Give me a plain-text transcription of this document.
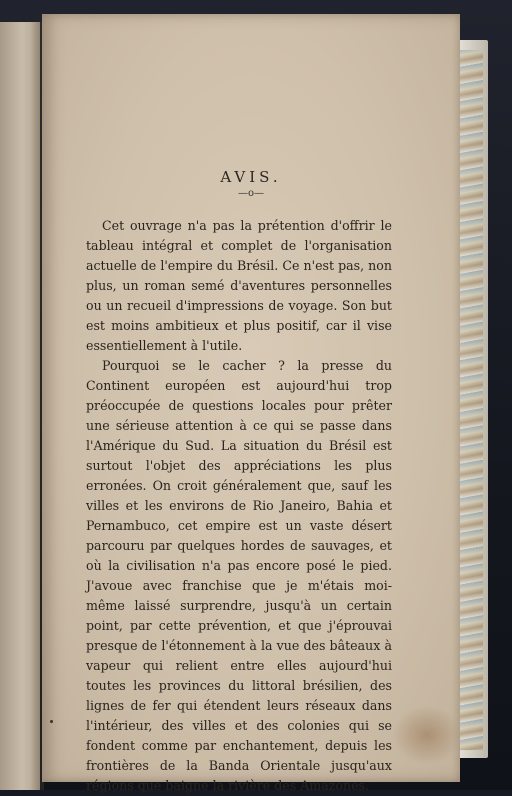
AVIS.
—o—

Cet ouvrage n'a pas la prétention d'offrir le tableau intégral et complet de l'organisation actuelle de l'empire du Brésil. Ce n'est pas, non plus, un roman semé d'aventures personnelles ou un recueil d'impressions de voyage. Son but est moins ambitieux et plus positif, car il vise essentiellement à l'utile.

Pourquoi se le cacher ? la presse du Continent européen est aujourd'hui trop préoccupée de questions locales pour prêter une sérieuse attention à ce qui se passe dans l'Amérique du Sud. La situation du Brésil est surtout l'objet des appréciations les plus erronées. On croit généralement que, sauf les villes et les environs de Rio Janeiro, Bahia et Pernambuco, cet empire est un vaste désert parcouru par quelques hordes de sauvages, et où la civilisation n'a pas encore posé le pied. J'avoue avec franchise que je m'étais moi-même laissé surprendre, jusqu'à un certain point, par cette prévention, et que j'éprouvai presque de l'étonnement à la vue des bâteaux à vapeur qui relient entre elles aujourd'hui toutes les provinces du littoral brésilien, des lignes de fer qui étendent leurs réseaux dans l'intérieur, des villes et des colonies qui se fondent comme par enchantement, depuis les frontières de la Banda Orientale jusqu'aux régions que baigne la rivière des Amazones.
